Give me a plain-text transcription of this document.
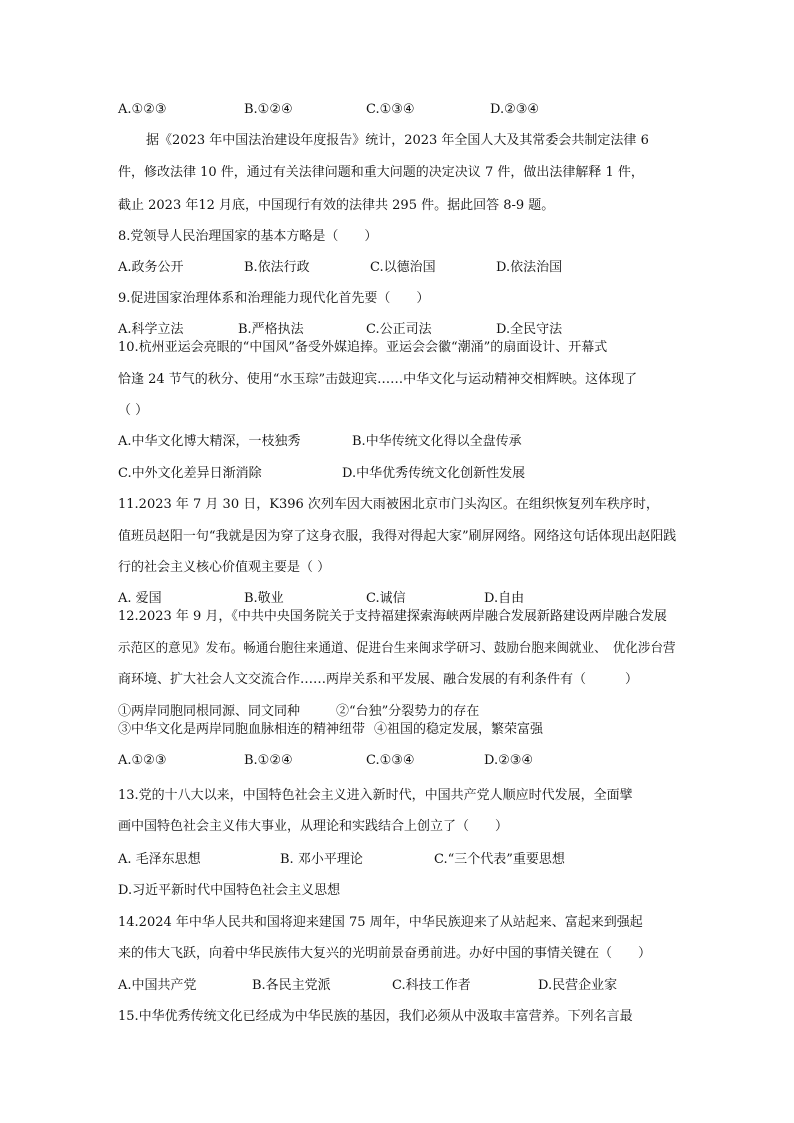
A.①②③	B.①②④	C.①③④	D.②③④
据《2023 年中国法治建设年度报告》统计，2023 年全国人大及其常委会共制定法律 6
件，修改法律 10 件，通过有关法律问题和重大问题的决定决议 7 件，做出法律解释 1 件，
截止 2023 年12 月底，中国现行有效的法律共 295 件。据此回答 8-9 题。
8.党领导人民治理国家的基本方略是（　　）
A.政务公开	B.依法行政	C.以德治国	D.依法治国
9.促进国家治理体系和治理能力现代化首先要（　　）
A.科学立法	B.严格执法	C.公正司法	D.全民守法
10.杭州亚运会亮眼的“中国风”备受外媒追捧。亚运会会徽“潮涌”的扇面设计、开幕式
恰逢 24 节气的秋分、使用“水玉琮”击鼓迎宾……中华文化与运动精神交相辉映。这体现了
（ ）
A.中华文化博大精深，一枝独秀	B.中华传统文化得以全盘传承
C.中外文化差异日渐消除	D.中华优秀传统文化创新性发展
11.2023 年 7 月 30 日，K396 次列车因大雨被困北京市门头沟区。在组织恢复列车秩序时，
值班员赵阳一句“我就是因为穿了这身衣服，我得对得起大家”刷屏网络。网络这句话体现出赵阳践
行的社会主义核心价值观主要是（ ）
A. 爱国	B.敬业	C.诚信	D.自由
12.2023 年 9 月，《中共中央国务院关于支持福建探索海峡两岸融合发展新路建设两岸融合发展
示范区的意见》发布。畅通台胞往来通道、促进台生来闽求学研习、鼓励台胞来闽就业、　优化涉台营
商环境、扩大社会人文交流合作……两岸关系和平发展、融合发展的有利条件有（　　　）
①两岸同胞同根同源、同文同种	②“台独”分裂势力的存在
③中华文化是两岸同胞血脉相连的精神纽带 ④祖国的稳定发展，繁荣富强
A.①②③	B.①②④	C.①③④	D.②③④
13.党的十八大以来，中国特色社会主义进入新时代，中国共产党人顺应时代发展，全面擘
画中国特色社会主义伟大事业，从理论和实践结合上创立了（　　）
A. 毛泽东思想	B. 邓小平理论	C.“三个代表”重要思想
D.习近平新时代中国特色社会主义思想
14.2024 年中华人民共和国将迎来建国 75 周年，中华民族迎来了从站起来、富起来到强起
来的伟大飞跃，向着中华民族伟大复兴的光明前景奋勇前进。办好中国的事情关键在（　　）
A.中国共产党	B.各民主党派	C.科技工作者	D.民营企业家
15.中华优秀传统文化已经成为中华民族的基因，我们必须从中汲取丰富营养。下列名言最
